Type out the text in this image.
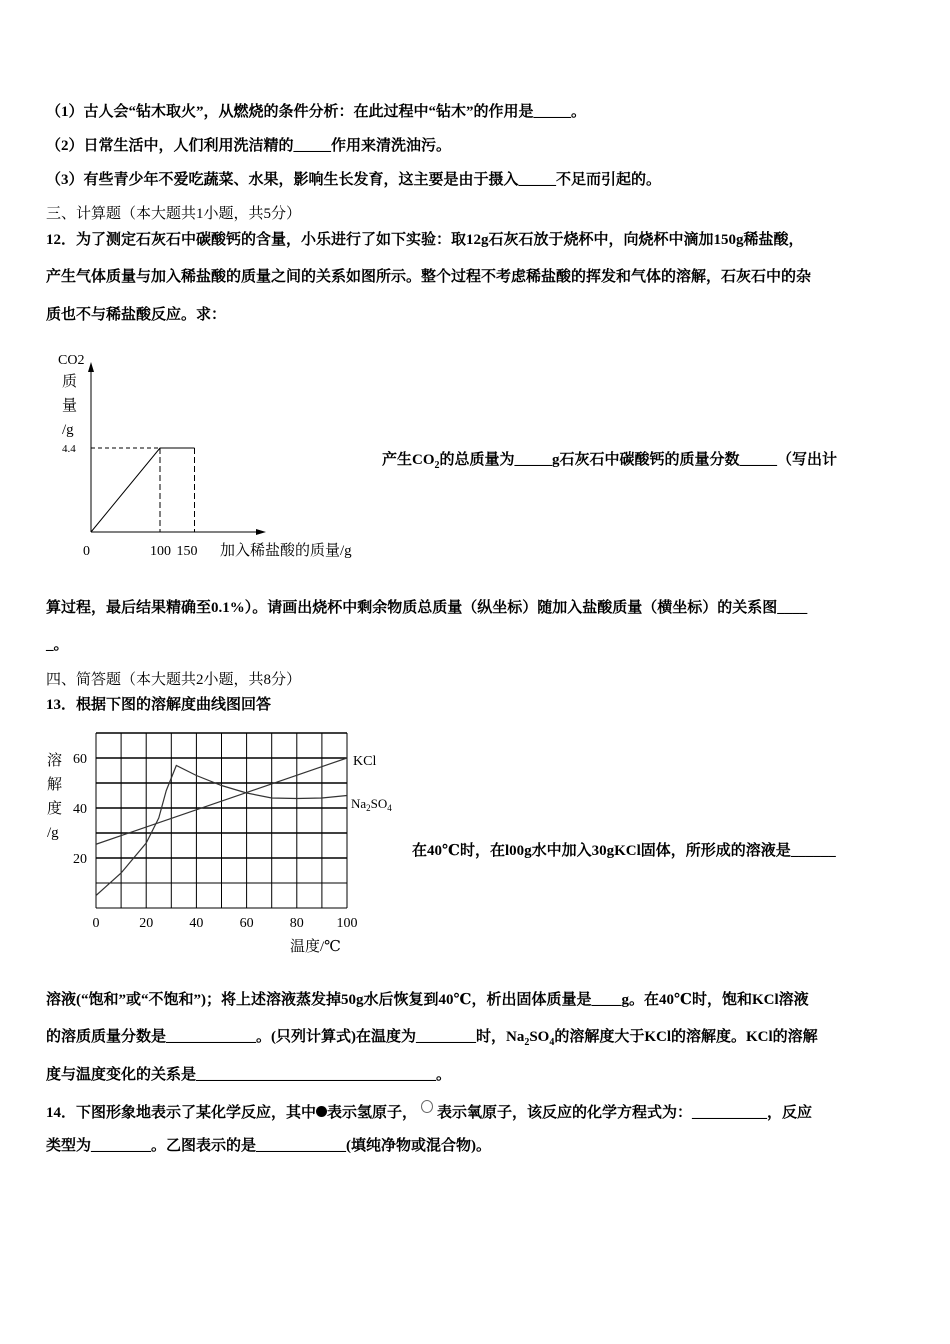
（1）古人会“钻木取火”，从燃烧的条件分析：在此过程中“钻木”的作用是_____。
（2）日常生活中，人们利用洗洁精的_____作用来清洗油污。
（3）有些青少年不爱吃蔬菜、水果，影响生长发育，这主要是由于摄入_____不足而引起的。
三、计算题（本大题共1小题，共5分）
12．为了测定石灰石中碳酸钙的含量，小乐进行了如下实验：取12g石灰石放于烧杯中，向烧杯中滴加150g稀盐酸，
产生气体质量与加入稀盐酸的质量之间的关系如图所示。整个过程不考虑稀盐酸的挥发和气体的溶解，石灰石中的杂
质也不与稀盐酸反应。求：
CO2
质
量
/g
4.4
0	100 150 加入稀盐酸的质量/g
产生$CO_2$的总质量为_____g石灰石中碳酸钙的质量分数_____（写出计
算过程，最后结果精确至0.1%）。请画出烧杯中剩余物质总质量（纵坐标）随加入盐酸质量（横坐标）的关系图____
_。
四、简答题（本大题共2小题，共8分）
13．根据下图的溶解度曲线图回答
KCl
$Na_2SO_4$
溶
解
度
/g
20
40
60
0	20	40	60	80 100
温度/℃
在40℃时，在l00g水中加入30gKCl固体，所形成的溶液是______
溶液(“饱和”或“不饱和”)；将上述溶液蒸发掉50g水后恢复到40℃，析出固体质量是____g。在40℃时，饱和KCl溶液
的溶质质量分数是____________。(只列计算式)在温度为________时，$Na_2SO_4$的溶解度大于KCl的溶解度。KCl的溶解
度与温度变化的关系是________________________________。
14．下图形象地表示了某化学反应，其中 表示氢原子， 表示氧原子，该反应的化学方程式为：__________，反应
类型为________。乙图表示的是____________(填纯净物或混合物)。
